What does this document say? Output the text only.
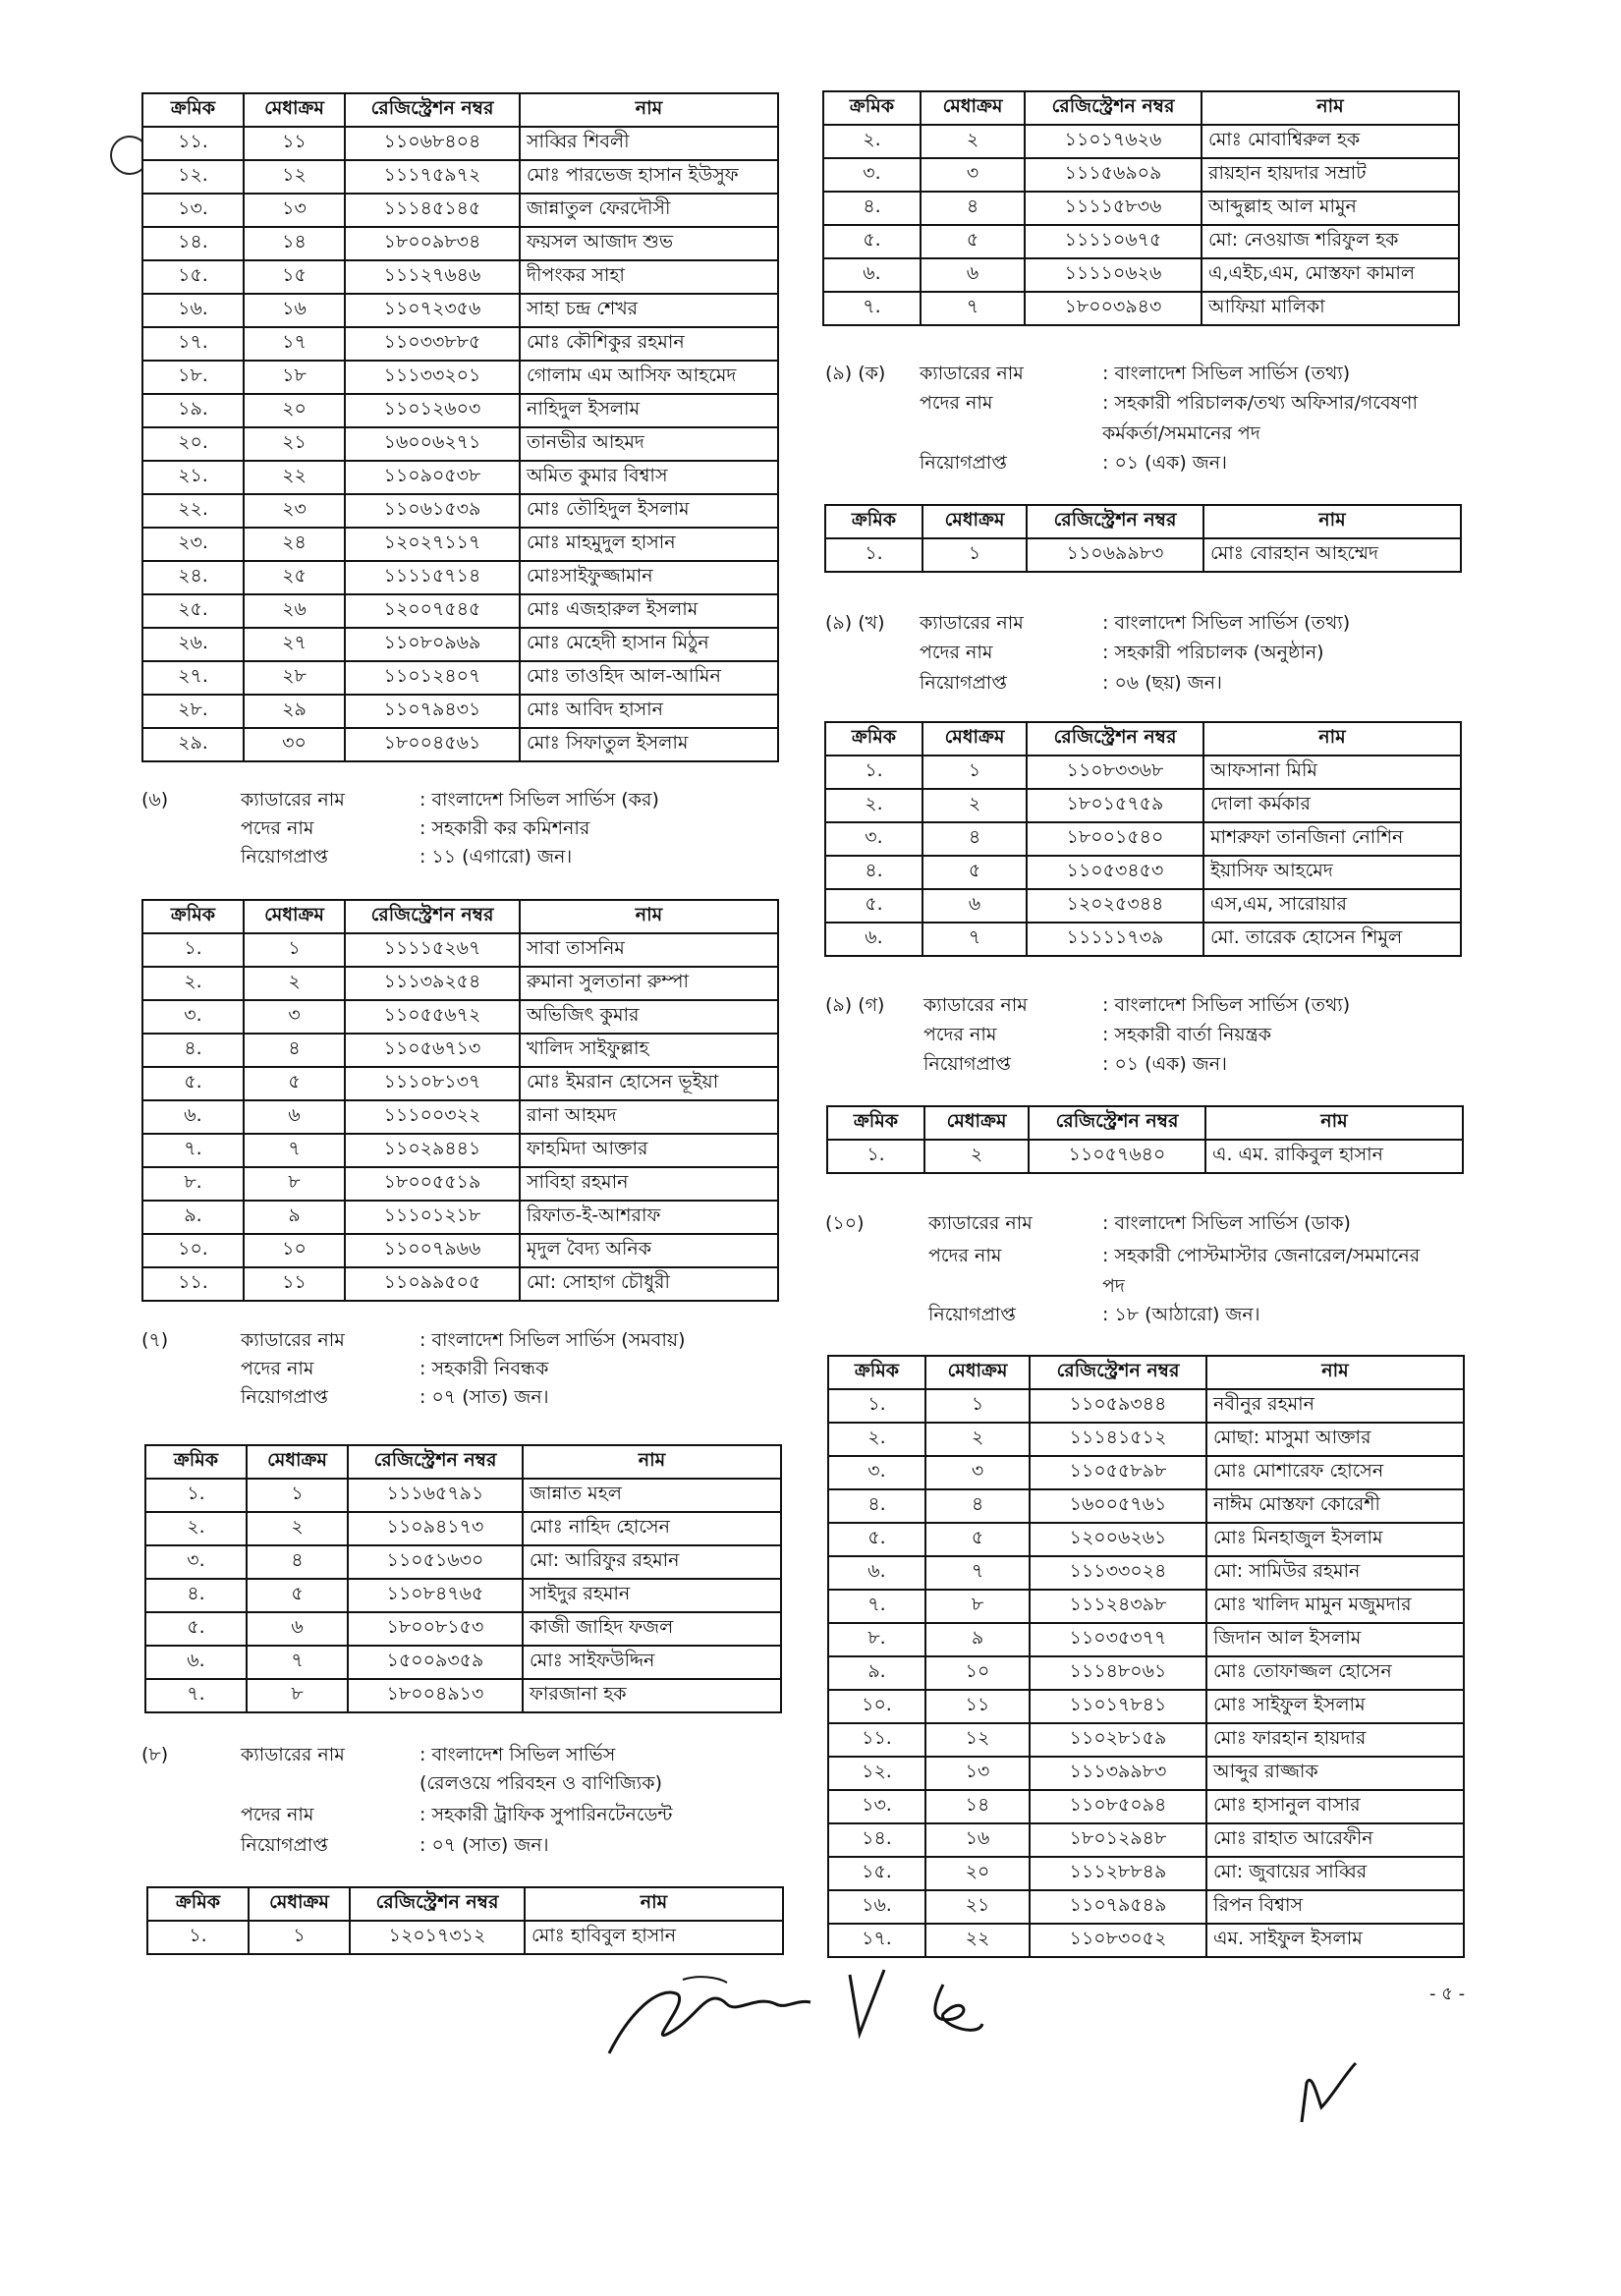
ক্রমিক	মেধাক্রম	রেজিস্ট্রেশন নম্বর	নাম
১১.	১১	১১০৬৮৪০৪	সাব্বির শিবলী
১২.	১২	১১১৭৫৯৭২	মোঃ পারভেজ হাসান ইউসুফ
১৩.	১৩	১১১৪৫১৪৫	জান্নাতুল ফেরদৌসী
১৪.	১৪	১৮০০৯৮৩৪	ফয়সল আজাদ শুভ
১৫.	১৫	১১১২৭৬৪৬	দীপংকর সাহা
১৬.	১৬	১১০৭২৩৫৬	সাহা চন্দ্র শেখর
১৭.	১৭	১১০৩৩৮৮৫	মোঃ কৌশিকুর রহমান
১৮.	১৮	১১১৩৩২০১	গোলাম এম আসিফ আহমেদ
১৯.	২০	১১০১২৬০৩	নাহিদুল ইসলাম
২০.	২১	১৬০০৬২৭১	তানভীর আহমদ
২১.	২২	১১০৯০৫৩৮	অমিত কুমার বিশ্বাস
২২.	২৩	১১০৬১৫৩৯	মোঃ তৌহিদুল ইসলাম
২৩.	২৪	১২০২৭১১৭	মোঃ মাহমুদুল হাসান
২৪.	২৫	১১১১৫৭১৪	মোঃসাইফুজ্জামান
২৫.	২৬	১২০০৭৫৪৫	মোঃ এজহারুল ইসলাম
২৬.	২৭	১১০৮০৯৬৯	মোঃ মেহেদী হাসান মিঠুন
২৭.	২৮	১১০১২৪০৭	মোঃ তাওহিদ আল-আমিন
২৮.	২৯	১১০৭৯৪৩১	মোঃ আবিদ হাসান
২৯.	৩০	১৮০০৪৫৬১	মোঃ সিফাতুল ইসলাম
ক্রমিক	মেধাক্রম	রেজিস্ট্রেশন নম্বর	নাম
১.	১	১১১১৫২৬৭	সাবা তাসনিম
২.	২	১১১৩৯২৫৪	রুমানা সুলতানা রুম্পা
৩.	৩	১১০৫৫৬৭২	অভিজিৎ কুমার
৪.	৪	১১০৫৬৭১৩	খালিদ সাইফুল্লাহ
৫.	৫	১১১০৮১৩৭	মোঃ ইমরান হোসেন ভূইয়া
৬.	৬	১১১০০৩২২	রানা আহমদ
৭.	৭	১১০২৯৪৪১	ফাহমিদা আক্তার
৮.	৮	১৮০০৫৫১৯	সাবিহা রহমান
৯.	৯	১১১০১২১৮	রিফাত-ই-আশরাফ
১০.	১০	১১০০৭৯৬৬	মৃদুল বৈদ্য অনিক
১১.	১১	১১০৯৯৫০৫	মো: সোহাগ চৌধুরী
ক্রমিক	মেধাক্রম	রেজিস্ট্রেশন নম্বর	নাম
১.	১	১১১৬৫৭৯১	জান্নাত মহল
২.	২	১১০৯৪১৭৩	মোঃ নাহিদ হোসেন
৩.	৪	১১০৫১৬৩০	মো: আরিফুর রহমান
৪.	৫	১১০৮৪৭৬৫	সাইদুর রহমান
৫.	৬	১৮০০৮১৫৩	কাজী জাহিদ ফজল
৬.	৭	১৫০০৯৩৫৯	মোঃ সাইফউদ্দিন
৭.	৮	১৮০০৪৯১৩	ফারজানা হক
ক্রমিক	মেধাক্রম	রেজিস্ট্রেশন নম্বর	নাম
১.	১	১২০১৭৩১২	মোঃ হাবিবুল হাসান
ক্রমিক	মেধাক্রম	রেজিস্ট্রেশন নম্বর	নাম
২.	২	১১০১৭৬২৬	মোঃ মোবাশ্বিরুল হক
৩.	৩	১১১৫৬৯০৯	রায়হান হায়দার সম্রাট
৪.	৪	১১১১৫৮৩৬	আব্দুল্লাহ আল মামুন
৫.	৫	১১১১০৬৭৫	মো: নেওয়াজ শরিফুল হক
৬.	৬	১১১১০৬২৬	এ,এইচ,এম, মোস্তফা কামাল
৭.	৭	১৮০০৩৯৪৩	আফিয়া মালিকা
ক্রমিক	মেধাক্রম	রেজিস্ট্রেশন নম্বর	নাম
১.	১	১১০৬৯৯৮৩	মোঃ বোরহান আহম্মেদ
ক্রমিক	মেধাক্রম	রেজিস্ট্রেশন নম্বর	নাম
১.	১	১১০৮৩৩৬৮	আফসানা মিমি
২.	২	১৮০১৫৭৫৯	দোলা কর্মকার
৩.	৪	১৮০০১৫৪০	মাশরুফা তানজিনা নোশিন
৪.	৫	১১০৫৩৪৫৩	ইয়াসিফ আহমেদ
৫.	৬	১২০২৫৩৪৪	এস,এম, সারোয়ার
৬.	৭	১১১১১৭৩৯	মো. তারেক হোসেন শিমুল
ক্রমিক	মেধাক্রম	রেজিস্ট্রেশন নম্বর	নাম
১.	২	১১০৫৭৬৪০	এ. এম. রাকিবুল হাসান
ক্রমিক	মেধাক্রম	রেজিস্ট্রেশন নম্বর	নাম
১.	১	১১০৫৯৩৪৪	নবীনুর রহমান
২.	২	১১১৪১৫১২	মোছা: মাসুমা আক্তার
৩.	৩	১১০৫৫৮৯৮	মোঃ মোশারেফ হোসেন
৪.	৪	১৬০০৫৭৬১	নাঈম মোস্তফা কোরেশী
৫.	৫	১২০০৬২৬১	মোঃ মিনহাজুল ইসলাম
৬.	৭	১১১৩৩০২৪	মো: সামিউর রহমান
৭.	৮	১১১২৪৩৯৮	মোঃ খালিদ মামুন মজুমদার
৮.	৯	১১০৩৫৩৭৭	জিদান আল ইসলাম
৯.	১০	১১১৪৮০৬১	মোঃ তোফাজ্জল হোসেন
১০.	১১	১১০১৭৮৪১	মোঃ সাইফুল ইসলাম
১১.	১২	১১০২৮১৫৯	মোঃ ফারহান হায়দার
১২.	১৩	১১১৩৯৯৮৩	আব্দুর রাজ্জাক
১৩.	১৪	১১০৮৫০৯৪	মোঃ হাসানুল বাসার
১৪.	১৬	১৮০১২৯৪৮	মোঃ রাহাত আরেফীন
১৫.	২০	১১১২৮৮৪৯	মো: জুবায়ের সাব্বির
১৬.	২১	১১০৭৯৫৪৯	রিপন বিশ্বাস
১৭.	২২	১১০৮৩০৫২	এম. সাইফুল ইসলাম
(৬)	ক্যাডারের নাম	: বাংলাদেশ সিভিল সার্ভিস (কর)
পদের নাম	: সহকারী কর কমিশনার
নিয়োগপ্রাপ্ত	: ১১ (এগারো) জন।
(৭)	ক্যাডারের নাম	: বাংলাদেশ সিভিল সার্ভিস (সমবায়)
পদের নাম	: সহকারী নিবন্ধক
নিয়োগপ্রাপ্ত	: ০৭ (সাত) জন।
(৮)	ক্যাডারের নাম	: বাংলাদেশ সিভিল সার্ভিস
(রেলওয়ে পরিবহন ও বাণিজ্যিক)
পদের নাম	: সহকারী ট্রাফিক সুপারিনটেনডেন্ট
নিয়োগপ্রাপ্ত	: ০৭ (সাত) জন।
(৯) (ক) ক্যাডারের নাম	: বাংলাদেশ সিভিল সার্ভিস (তথ্য)
পদের নাম	: সহকারী পরিচালক/তথ্য অফিসার/গবেষণা
কর্মকর্তা/সমমানের পদ
নিয়োগপ্রাপ্ত	: ০১ (এক) জন।
(৯) (খ) ক্যাডারের নাম	: বাংলাদেশ সিভিল সার্ভিস (তথ্য)
পদের নাম	: সহকারী পরিচালক (অনুষ্ঠান)
নিয়োগপ্রাপ্ত	: ০৬ (ছয়) জন।
(৯) (গ) ক্যাডারের নাম	: বাংলাদেশ সিভিল সার্ভিস (তথ্য)
পদের নাম	: সহকারী বার্তা নিয়ন্ত্রক
নিয়োগপ্রাপ্ত	: ০১ (এক) জন।
(১০)	ক্যাডারের নাম	: বাংলাদেশ সিভিল সার্ভিস (ডাক)
পদের নাম	: সহকারী পোস্টমাস্টার জেনারেল/সমমানের
পদ
নিয়োগপ্রাপ্ত	: ১৮ (আঠারো) জন।
- ৫ -
